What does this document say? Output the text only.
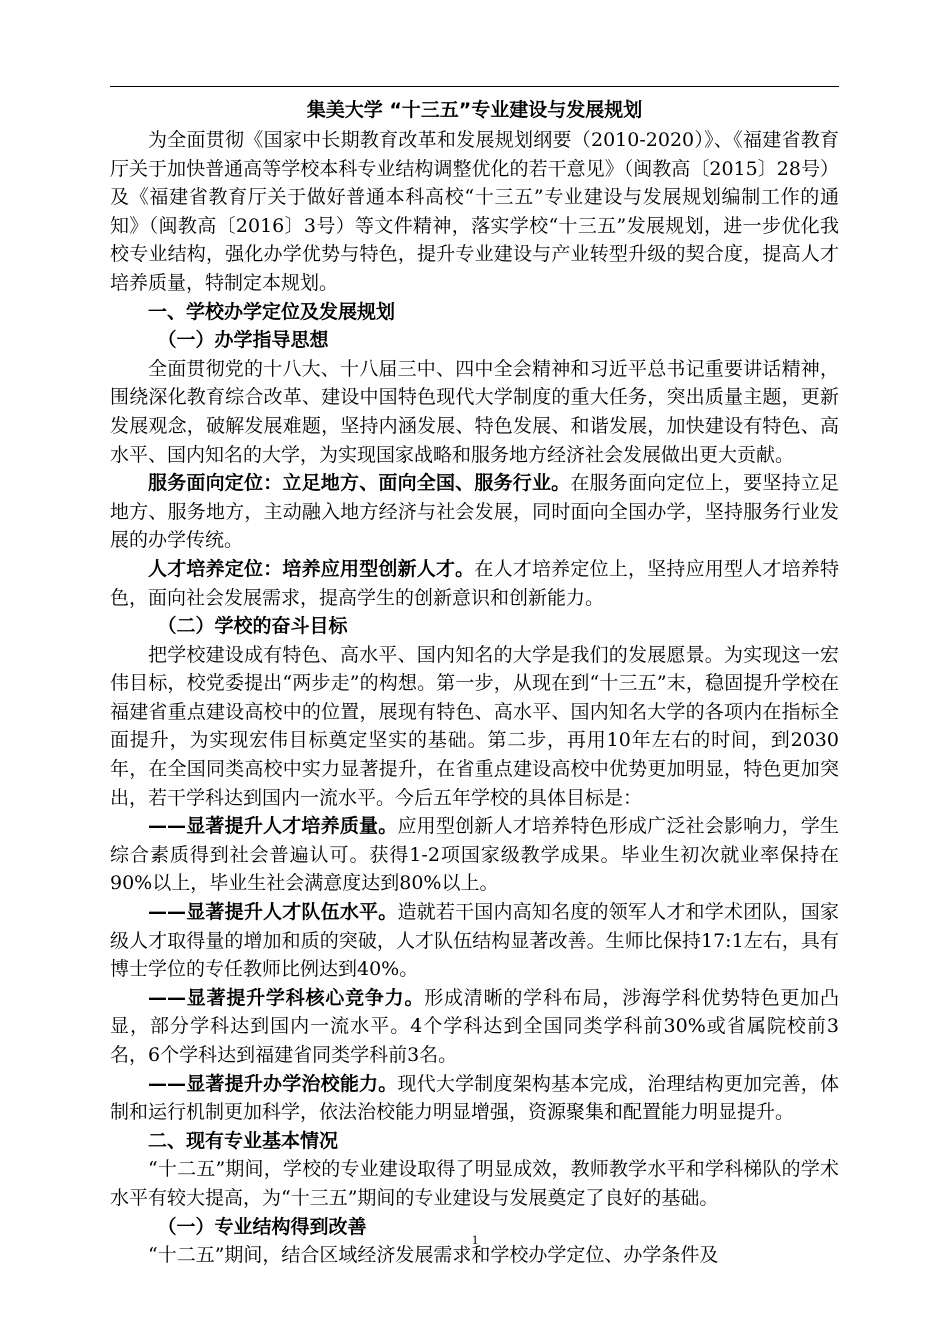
集美大学 “十三五”专业建设与发展规划

为全面贯彻《国家中长期教育改革和发展规划纲要（2010-2020）》、《福建省教育厅关于加快普通高等学校本科专业结构调整优化的若干意见》（闽教高〔2015〕28号）及《福建省教育厅关于做好普通本科高校“十三五”专业建设与发展规划编制工作的通知》（闽教高〔2016〕3号）等文件精神，落实学校“十三五”发展规划，进一步优化我校专业结构，强化办学优势与特色，提升专业建设与产业转型升级的契合度，提高人才培养质量，特制定本规划。

一、学校办学定位及发展规划

（一）办学指导思想

全面贯彻党的十八大、十八届三中、四中全会精神和习近平总书记重要讲话精神，围绕深化教育综合改革、建设中国特色现代大学制度的重大任务，突出质量主题，更新发展观念，破解发展难题，坚持内涵发展、特色发展、和谐发展，加快建设有特色、高水平、国内知名的大学，为实现国家战略和服务地方经济社会发展做出更大贡献。

服务面向定位：立足地方、面向全国、服务行业。在服务面向定位上，要坚持立足地方、服务地方，主动融入地方经济与社会发展，同时面向全国办学，坚持服务行业发展的办学传统。

人才培养定位：培养应用型创新人才。在人才培养定位上，坚持应用型人才培养特色，面向社会发展需求，提高学生的创新意识和创新能力。

（二）学校的奋斗目标

把学校建设成有特色、高水平、国内知名的大学是我们的发展愿景。为实现这一宏伟目标，校党委提出“两步走”的构想。第一步，从现在到“十三五”末，稳固提升学校在福建省重点建设高校中的位置，展现有特色、高水平、国内知名大学的各项内在指标全面提升，为实现宏伟目标奠定坚实的基础。第二步，再用10年左右的时间，到2030年，在全国同类高校中实力显著提升，在省重点建设高校中优势更加明显，特色更加突出，若干学科达到国内一流水平。今后五年学校的具体目标是：

——显著提升人才培养质量。应用型创新人才培养特色形成广泛社会影响力，学生综合素质得到社会普遍认可。获得1-2项国家级教学成果。毕业生初次就业率保持在90%以上，毕业生社会满意度达到80%以上。

——显著提升人才队伍水平。造就若干国内高知名度的领军人才和学术团队，国家级人才取得量的增加和质的突破，人才队伍结构显著改善。生师比保持17:1左右，具有博士学位的专任教师比例达到40%。

——显著提升学科核心竞争力。形成清晰的学科布局，涉海学科优势特色更加凸显，部分学科达到国内一流水平。4个学科达到全国同类学科前30%或省属院校前3名，6个学科达到福建省同类学科前3名。

——显著提升办学治校能力。现代大学制度架构基本完成，治理结构更加完善，体制和运行机制更加科学，依法治校能力明显增强，资源聚集和配置能力明显提升。

二、现有专业基本情况

“十二五”期间，学校的专业建设取得了明显成效，教师教学水平和学科梯队的学术水平有较大提高，为“十三五”期间的专业建设与发展奠定了良好的基础。

（一）专业结构得到改善

“十二五”期间，结合区域经济发展需求和学校办学定位、办学条件及

1
